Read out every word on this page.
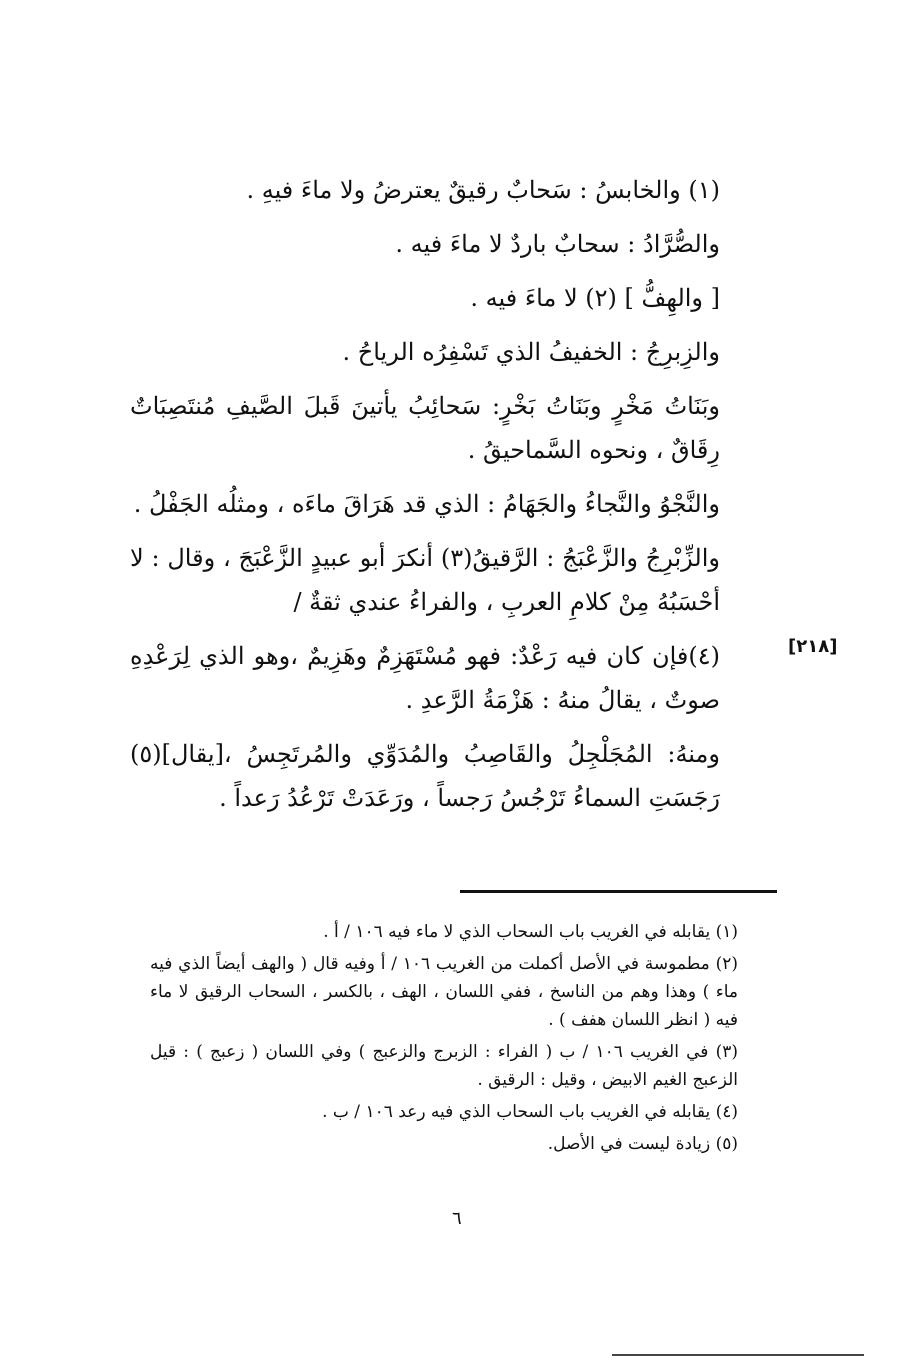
(١) والخابسُ : سَحابٌ رقيقٌ يعترضُ ولا ماءَ فيهِ .

والصُّرَّادُ : سحابٌ باردٌ لا ماءَ فيه .

[ والهِفُّ ] (٢) لا ماءَ فيه .

والزِبرِجُ : الخفيفُ الذي تَسْفِرُه الرياحُ .

وبَنَاتُ مَخْرٍ وبَنَاتُ بَخْرٍ: سَحائِبُ يأتينَ قَبلَ الصَّيفِ مُنتَصِبَاتٌ رِقَاقٌ ، ونحوه السَّماحيقُ .

والنَّجْوُ والنَّجاءُ والجَهَامُ : الذي قد هَرَاقَ ماءَه ، ومثلُه الجَفْلُ .

والزِّبْرِجُ والزَّعْبَجُ : الرَّقيقُ(٣) أنكرَ أبو عبيدٍ الزَّعْبَجَ ، وقال : لا أحْسَبُهُ مِنْ كلامِ العربِ ، والفراءُ عندي ثقةٌ /

(٤)فإن كان فيه رَعْدٌ: فهو مُسْتَهَزِمٌ وهَزِيمٌ ،وهو الذي لِرَعْدِهِ صوتٌ ، يقالُ منهُ : هَزْمَةُ الرَّعدِ .

ومنهُ: المُجَلْجِلُ والقَاصِبُ والمُدَوِّي والمُرتَجِسُ ،[يقال](٥) رَجَسَتِ السماءُ تَرْجُسُ رَجساً ، ورَعَدَتْ تَرْعُدُ رَعداً .

[٢١٨]

(١) يقابله في الغريب باب السحاب الذي لا ماء فيه ١٠٦ / أ .

(٢) مطموسة في الأصل أكملت من الغريب ١٠٦ / أ وفيه قال ( والهف أيضاً الذي فيه ماء ) وهذا وهم من الناسخ ، ففي اللسان ، الهف ، بالكسر ، السحاب الرقيق لا ماء فيه ( انظر اللسان هفف ) .

(٣) في الغريب ١٠٦ / ب ( الفراء : الزبرج والزعبج ) وفي اللسان ( زعبج ) : قيل الزعبج الغيم الابيض ، وقيل : الرقيق .

(٤) يقابله في الغريب باب السحاب الذي فيه رعد ١٠٦ / ب .

(٥) زيادة ليست في الأصل.

٦
